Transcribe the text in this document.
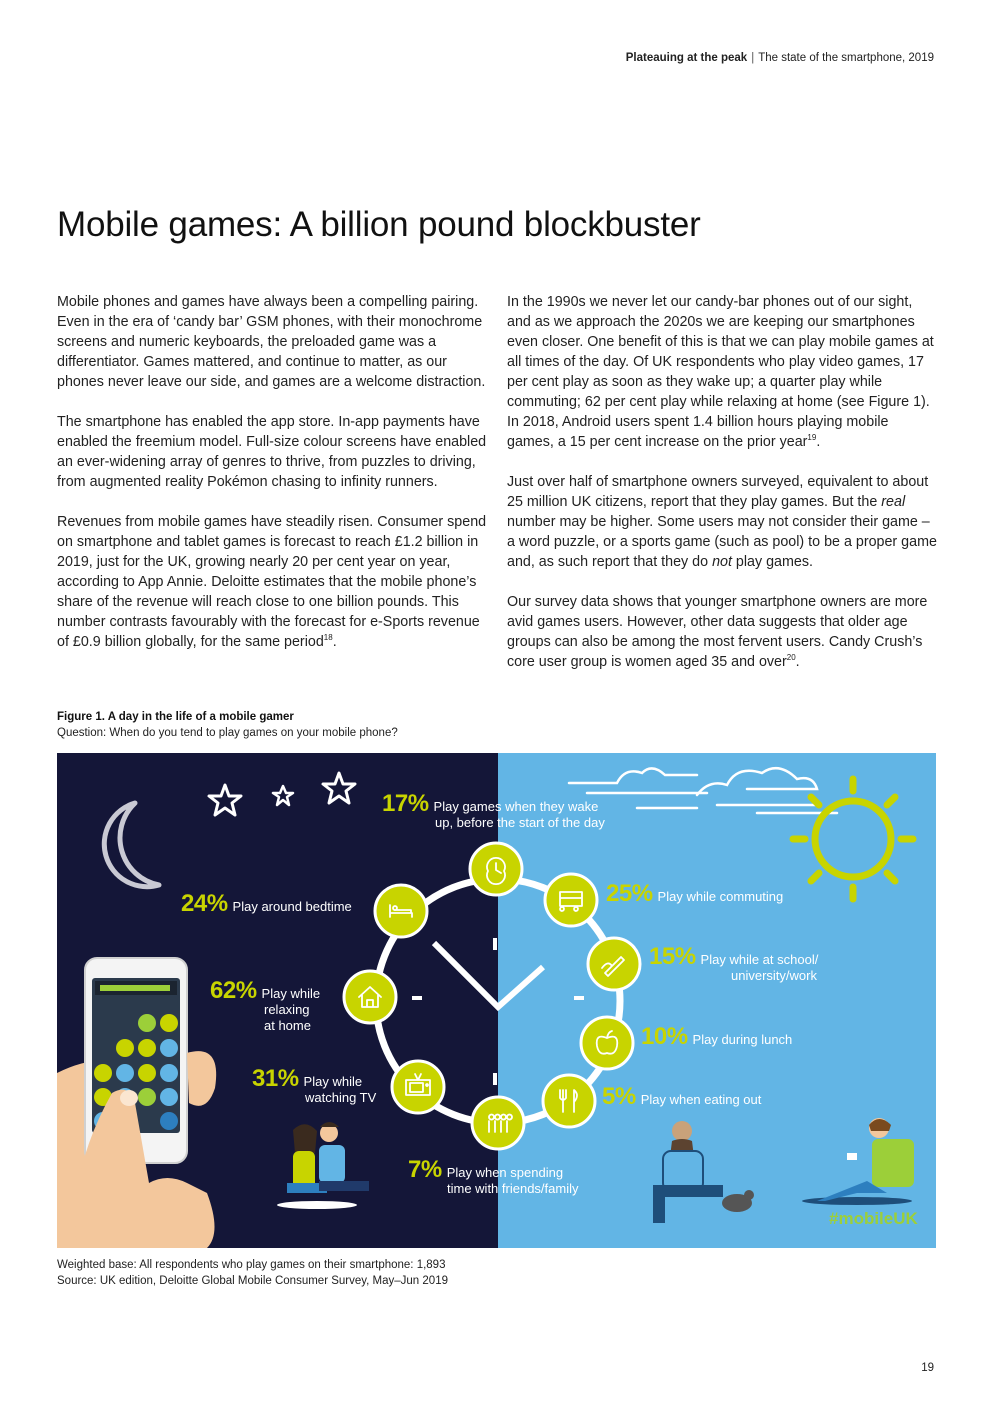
Plateauing at the peak | The state of the smartphone, 2019
Mobile games: A billion pound blockbuster

Mobile phones and games have always been a compelling pairing. Even in the era of ‘candy bar’ GSM phones, with their monochrome screens and numeric keyboards, the preloaded game was a differentiator. Games mattered, and continue to matter, as our phones never leave our side, and games are a welcome distraction.

The smartphone has enabled the app store. In-app payments have enabled the freemium model. Full-size colour screens have enabled an ever-widening array of genres to thrive, from puzzles to driving, from augmented reality Pokémon chasing to infinity runners.

Revenues from mobile games have steadily risen. Consumer spend on smartphone and tablet games is forecast to reach £1.2 billion in 2019, just for the UK, growing nearly 20 per cent year on year, according to App Annie. Deloitte estimates that the mobile phone’s share of the revenue will reach close to one billion pounds. This number contrasts favourably with the forecast for e-Sports revenue of £0.9 billion globally, for the same period$^{18}$.

In the 1990s we never let our candy-bar phones out of our sight, and as we approach the 2020s we are keeping our smartphones even closer. One benefit of this is that we can play mobile games at all times of the day. Of UK respondents who play video games, 17 per cent play as soon as they wake up; a quarter play while commuting; 62 per cent play while relaxing at home (see Figure 1). In 2018, Android users spent 1.4 billion hours playing mobile games, a 15 per cent increase on the prior year$^{19}$.

Just over half of smartphone owners surveyed, equivalent to about 25 million UK citizens, report that they play games. But the real number may be higher. Some users may not consider their game – a word puzzle, or a sports game (such as pool) to be a proper game and, as such report that they do not play games.

Our survey data shows that younger smartphone owners are more avid games users. However, other data suggests that older age groups can also be among the most fervent users. Candy Crush’s core user group is women aged 35 and over$^{20}$.

Figure 1. A day in the life of a mobile gamer
Question: When do you tend to play games on your mobile phone?
17% Play games when they wake
up, before the start of the day
24% Play around bedtime	25% Play while commuting
15% Play while at school/
university/work
62% Play while
relaxing
at home	10% Play during lunch
31% Play while
watching TV	5% Play when eating out
7% Play when spending
time with friends/family
#mobileUK
Weighted base: All respondents who play games on their smartphone: 1,893
Source: UK edition, Deloitte Global Mobile Consumer Survey, May–Jun 2019
19
